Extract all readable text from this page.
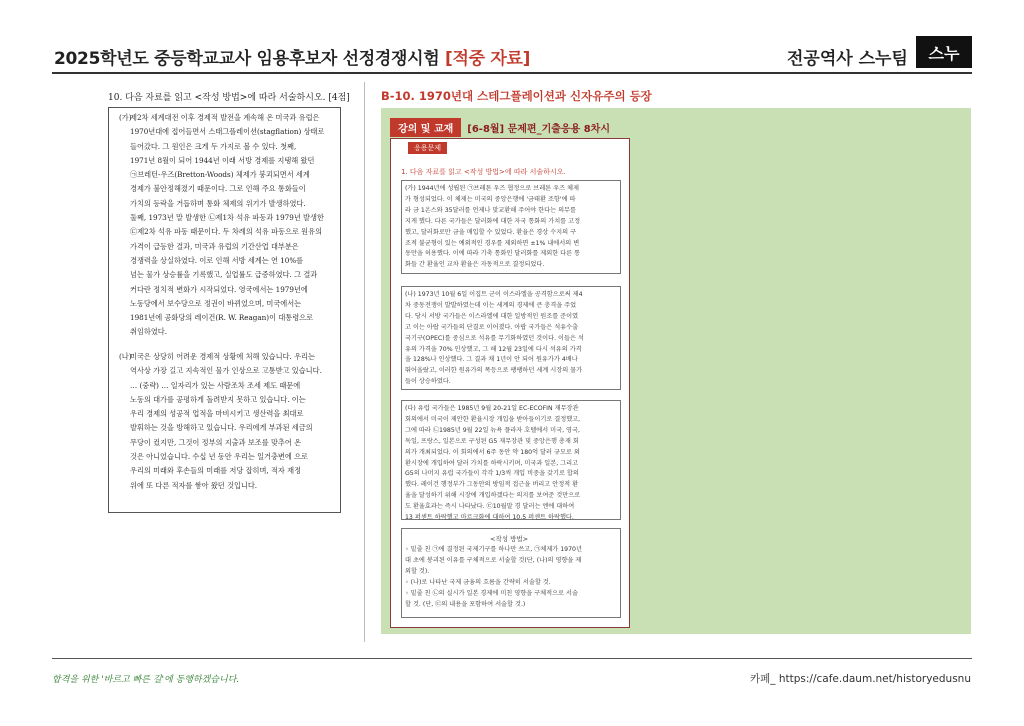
2025학년도 중등학교교사 임용후보자 선정경쟁시험 [적중 자료]	전공역사 스누팀	스누
10. 다음 자료를 읽고 <작성 방법>에 따라 서술하시오. [4점]
(가)
제2차 세계대전 이후 경제적 발전을 계속해 온 미국과 유럽은
1970년대에 접어들면서 스태그플레이션(stagflation) 상태로
들어갔다. 그 원인은 크게 두 가지로 볼 수 있다. 첫째,
1971년 8월이 되어 1944년 이래 서방 경제를 지탱해 왔던
㉠브레턴-우즈(Bretton-Woods) 체제가 붕괴되면서 세계
경제가 불안정해졌기 때문이다. 그로 인해 주요 통화들이
가치의 등락을 거듭하며 통화 체제의 위기가 발생하였다.
둘째, 1973년 말 발생한 ㉡제1차 석유 파동과 1979년 발생한
㉢제2차 석유 파동 때문이다. 두 차례의 석유 파동으로 원유의
가격이 급등한 결과, 미국과 유럽의 기간산업 대부분은
경쟁력을 상실하였다. 이로 인해 서방 세계는 연 10%를
넘는 물가 상승률을 기록했고, 실업률도 급증하였다. 그 결과
커다란 정치적 변화가 시작되었다. 영국에서는 1979년에
노동당에서 보수당으로 정권이 바뀌었으며, 미국에서는
1981년에 공화당의 레이건(R. W. Reagan)이 대통령으로
취임하였다.
(나)
미국은 상당히 어려운 경제적 상황에 처해 있습니다. 우리는
역사상 가장 길고 지속적인 물가 인상으로 고통받고 있습니다.
… (중략) … 일자리가 있는 사람조차 조세 제도 때문에
노동의 대가를 공평하게 돌려받지 못하고 있습니다. 이는
우리 경제의 성공적 업적을 마비시키고 생산력을 최대로
발휘하는 것을 방해하고 있습니다. 우리에게 부과된 세금의
무당이 컸지만, 그것이 정부의 지출과 보조를 맞추어 온
것은 아니었습니다. 수십 년 동안 우리는 일거충변에 으로
우리의 미래와 후손들의 미래를 저당 잡히며, 적자 재정
위에 또 다른 적자를 쌓아 왔던 것입니다.
B-10. 1970년대 스테그플레이션과 신자유주의 등장
강의 및 교재	[6-8월] 문제편_기출응용 8차시
응용문제
1. 다음 자료를 읽고 <작성 방법>에 따라 서술하시오.
(가) 1944년에 성립된 ㉠브레튼 우즈 협정으로 브레튼 우즈 체제
가 형성되었다. 이 체제는 미국의 중앙은행에 '금태환 조항'에 따
라 금 1온스와 35달러를 언제나 맞교환해 주어야 한다는 의무를
지게 했다. 다른 국가들은 달러화에 대한 자국 통화의 가치를 고정
했고, 달러화로만 금을 매입할 수 있었다. 환율은 경상 수지의 구
조적 불균형이 있는 예외적인 경우를 제외하면 ±1% 내에서의 변
동만을 허용했다. 이에 따라 기축 통화인 달러화를 제외한 다른 통
화들 간 환율인 교차 환율은 자동적으로 결정되었다.
(나) 1973년 10월 6일 이집트 군이 이스라엘을 공격함으로써 제4
차 중동전쟁이 발발하였는데 이는 세계의 경제에 큰 충격을 주었
다. 당시 서방 국가들은 이스라엘에 대한 일방적인 원조를 준이였
고 이는 아랍 국가들의 단결로 이어졌다. 아랍 국가들은 석유수출
국기구(OPEC)를 중심으로 석유를 무기화하였던 것이다. 이들은 석
유의 가격을 70% 인상했고, 그 해 12월 23일에 다시 석유의 가격
을 128%나 인상했다. 그 결과 채 1년이 안 되어 원유가가 4배나
뛰어올랐고, 이러한 원유가의 폭등으로 팽팽하던 세계 시장의 물가
들이 상승하였다.
(다) 유럽 국가들은 1985년 9월 20-21일 EC-ECOFIN 재무장관
회의에서 미국이 제안한 환율시장 개입을 받아들이기로 결정했고,
그에 따라 ㉡1985년 9월 22일 뉴욕 플라자 호텔에서 미국, 영국,
독일, 프랑스, 일본으로 구성된 G5 재무장관 및 중앙은행 총재 회
의가 개최되었다. 이 회의에서 6주 동안 약 180억 달러 규모로 외
환시장에 개입하여 달러 가치를 하락시키며, 미국과 일본, 그리고
G5의 나머지 유럽 국가들이 각각 1/3씩 개입 비중을 갖기로 합의
했다. 레이건 행정부가 그동안의 방임적 접근을 버리고 안정적 환
율을 달성하기 위해 시장에 개입하겠다는 의지를 보여준 것만으로
도 환율효과는 즉시 나타났다. ㉢10월말 경 달러는 엔에 대하여
13 퍼센트 하락했고 마르크화에 대하여 10.5 퍼센트 하락했다.
<작성 방법>
◦ 밑줄 친 ㉠에 결정된 국제기구를 하나만 쓰고, ㉠체제가 1970년
대 초에 붕괴된 이유를 구체적으로 서술할 것(단, (나)의 영향을 제
외할 것).
◦ (나)로 나타난 국제 금융의 흐름을 간략히 서술할 것.
◦ 밑줄 친 ㉡의 실시가 일본 경제에 미친 영향을 구체적으로 서술
할 것. (단, ㉢의 내용을 포함하여 서술할 것.)
합격을 위한 '바르고 빠른 길'에 동행하겠습니다.	카페_ https://cafe.daum.net/historyedusnu
